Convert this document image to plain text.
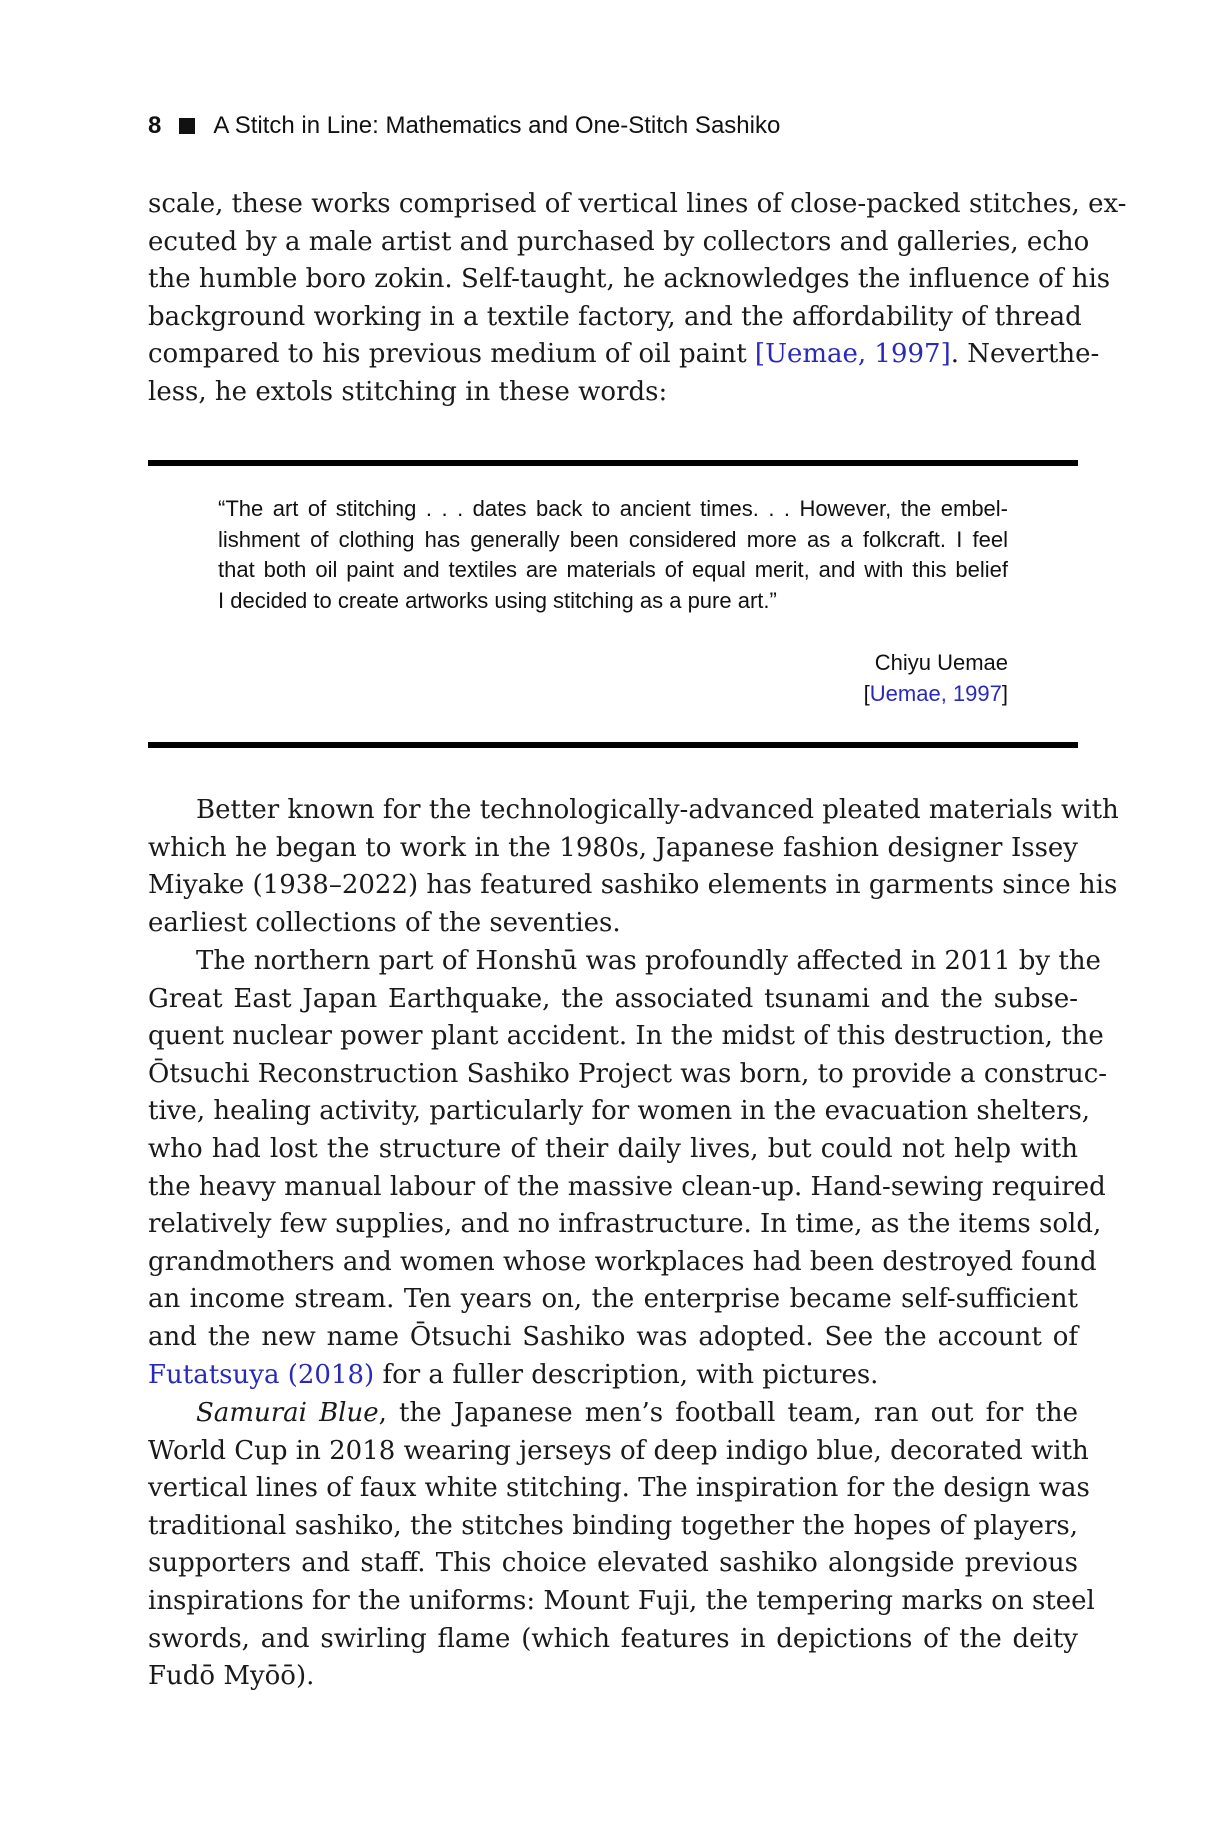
8 A Stitch in Line: Mathematics and One-Stitch Sashiko
scale, these works comprised of vertical lines of close-packed stitches, ex-
ecuted by a male artist and purchased by collectors and galleries, echo
the humble boro zokin. Self-taught, he acknowledges the influence of his
background working in a textile factory, and the affordability of thread
compared to his previous medium of oil paint [Uemae, 1997]. Neverthe-
less, he extols stitching in these words:
“The art of stitching . . . dates back to ancient times. . . However, the embel-
lishment of clothing has generally been considered more as a folkcraft. I feel
that both oil paint and textiles are materials of equal merit, and with this belief
I decided to create artworks using stitching as a pure art.”
Chiyu Uemae
[Uemae, 1997]
Better known for the technologically-advanced pleated materials with
which he began to work in the 1980s, Japanese fashion designer Issey
Miyake (1938–2022) has featured sashiko elements in garments since his
earliest collections of the seventies.
The northern part of Honshū was profoundly affected in 2011 by the
Great East Japan Earthquake, the associated tsunami and the subse-
quent nuclear power plant accident. In the midst of this destruction, the
Ōtsuchi Reconstruction Sashiko Project was born, to provide a construc-
tive, healing activity, particularly for women in the evacuation shelters,
who had lost the structure of their daily lives, but could not help with
the heavy manual labour of the massive clean-up. Hand-sewing required
relatively few supplies, and no infrastructure. In time, as the items sold,
grandmothers and women whose workplaces had been destroyed found
an income stream. Ten years on, the enterprise became self-sufficient
and the new name Ōtsuchi Sashiko was adopted. See the account of
Futatsuya (2018) for a fuller description, with pictures.
Samurai Blue, the Japanese men’s football team, ran out for the
World Cup in 2018 wearing jerseys of deep indigo blue, decorated with
vertical lines of faux white stitching. The inspiration for the design was
traditional sashiko, the stitches binding together the hopes of players,
supporters and staff. This choice elevated sashiko alongside previous
inspirations for the uniforms: Mount Fuji, the tempering marks on steel
swords, and swirling flame (which features in depictions of the deity
Fudō Myōō).
